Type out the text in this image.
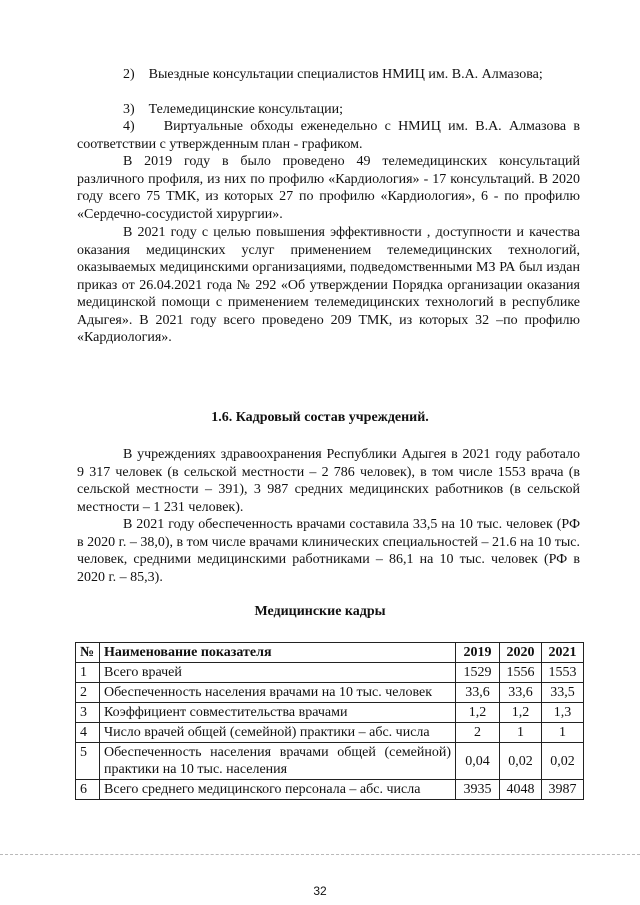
2)    Выездные консультации специалистов НМИЦ им. В.А. Алмазова;

3)    Телемедицинские консультации;

4)    Виртуальные обходы еженедельно с НМИЦ им. В.А. Алмазова в соответствии с утвержденным план - графиком.

В 2019 году в было проведено 49 телемедицинских консультаций различного профиля, из них по профилю «Кардиология» - 17 консультаций. В 2020 году всего 75 ТМК, из которых 27 по профилю «Кардиология», 6 - по профилю «Сердечно-сосудистой хирургии».

В 2021 году с целью повышения эффективности , доступности и качества оказания медицинских услуг применением телемедицинских технологий, оказываемых медицинскими организациями, подведомственными МЗ РА был издан приказ от 26.04.2021 года № 292 «Об утверждении Порядка организации оказания медицинской помощи с применением телемедицинских технологий в республике Адыгея». В 2021 году всего проведено 209 ТМК, из которых 32 –по профилю «Кардиология».

1.6. Кадровый состав учреждений.

В учреждениях здравоохранения Республики Адыгея в 2021 году работало 9 317 человек (в сельской местности – 2 786 человек), в том числе 1553 врача (в сельской местности – 391), 3 987 средних медицинских работников (в сельской местности – 1 231 человек).

В 2021 году обеспеченность врачами составила 33,5 на 10 тыс. человек (РФ в 2020 г. – 38,0), в том числе врачами клинических специальностей – 21.6 на 10 тыс. человек, средними медицинскими работниками – 86,1 на 10 тыс. человек (РФ в 2020 г. – 85,3).

Медицинские кадры

№	Наименование показателя	2019	2020	2021
1	Всего врачей	1529	1556	1553
2	Обеспеченность населения врачами на 10 тыс. человек	33,6	33,6	33,5
3	Коэффициент совместительства врачами	1,2	1,2	1,3
4	Число врачей общей (семейной) практики – абс. числа	2	1	1
5	Обеспеченность населения врачами общей (семейной) практики на 10 тыс. населения	0,04	0,02	0,02
6	Всего среднего медицинского персонала – абс. числа	3935	4048	3987
32
